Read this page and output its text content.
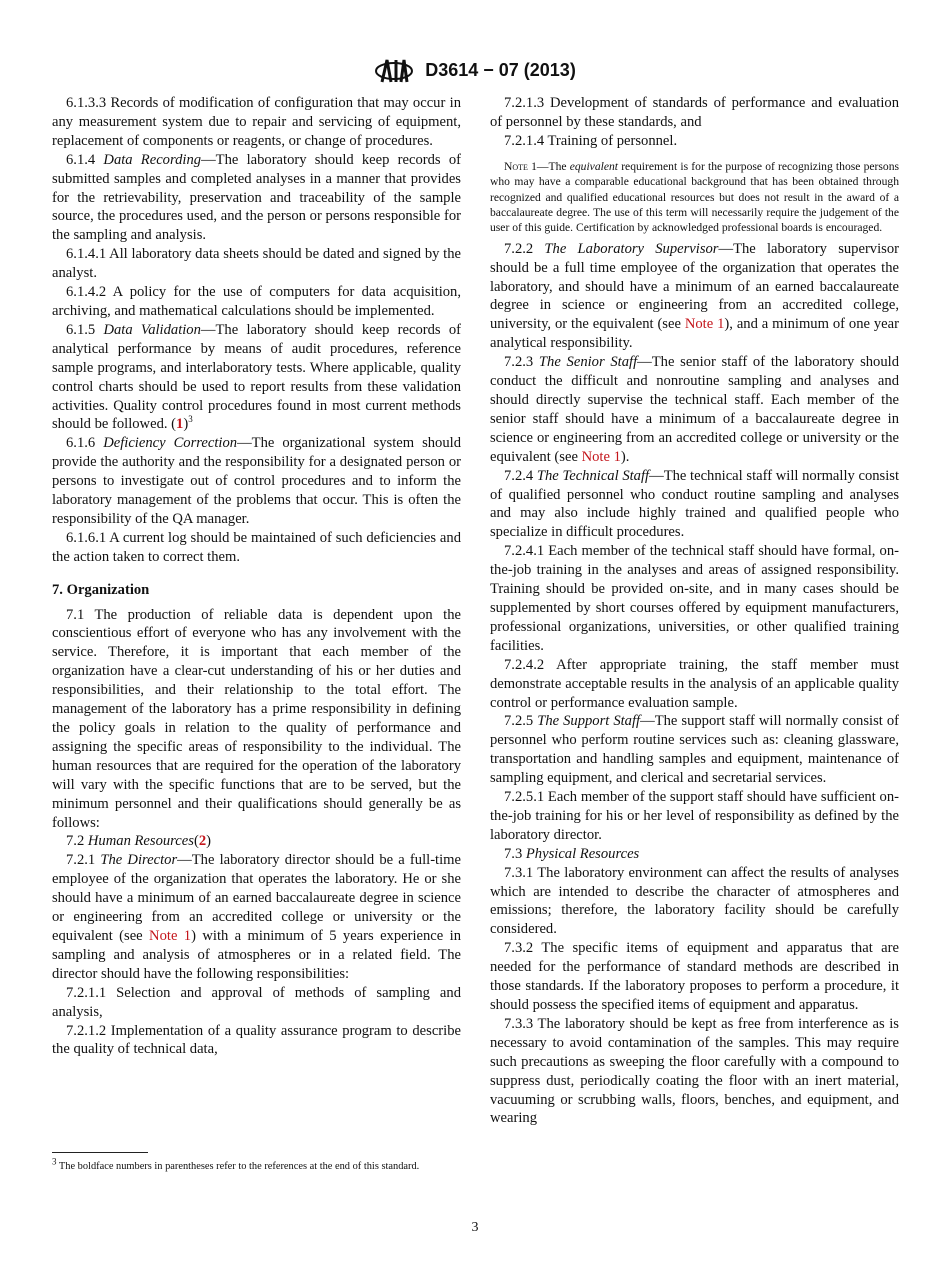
D3614 − 07 (2013)

6.1.3.3 Records of modification of configuration that may occur in any measurement system due to repair and servicing of equipment, replacement of components or reagents, or change of procedures.

6.1.4 Data Recording—The laboratory should keep records of submitted samples and completed analyses in a manner that provides for the retrievability, preservation and traceability of the sample source, the procedures used, and the person or persons responsible for the sampling and analysis.

6.1.4.1 All laboratory data sheets should be dated and signed by the analyst.

6.1.4.2 A policy for the use of computers for data acquisition, archiving, and mathematical calculations should be implemented.

6.1.5 Data Validation—The laboratory should keep records of analytical performance by means of audit procedures, reference sample programs, and interlaboratory tests. Where applicable, quality control charts should be used to report results from these validation activities. Quality control procedures found in most current methods should be followed. $(1)^3$

6.1.6 Deficiency Correction—The organizational system should provide the authority and the responsibility for a designated person or persons to investigate out of control procedures and to inform the laboratory management of the problems that occur. This is often the responsibility of the QA manager.

6.1.6.1 A current log should be maintained of such deficiencies and the action taken to correct them.

7. Organization

7.1 The production of reliable data is dependent upon the conscientious effort of everyone who has any involvement with the service. Therefore, it is important that each member of the organization have a clear-cut understanding of his or her duties and responsibilities, and their relationship to the total effort. The management of the laboratory has a prime responsibility in defining the policy goals in relation to the quality of performance and assigning the specific areas of responsibility to the individual. The human resources that are required for the operation of the laboratory will vary with the specific functions that are to be served, but the minimum personnel and their qualifications should generally be as follows:

7.2 Human Resources(2)

7.2.1 The Director—The laboratory director should be a full-time employee of the organization that operates the laboratory. He or she should have a minimum of an earned baccalaureate degree in science or engineering from an accredited college or university or the equivalent (see Note 1) with a minimum of 5 years experience in sampling and analysis of atmospheres or in a related field. The director should have the following responsibilities:

7.2.1.1 Selection and approval of methods of sampling and analysis,

7.2.1.2 Implementation of a quality assurance program to describe the quality of technical data,

7.2.1.3 Development of standards of performance and evaluation of personnel by these standards, and

7.2.1.4 Training of personnel.

Note 1—The equivalent requirement is for the purpose of recognizing those persons who may have a comparable educational background that has been obtained through recognized and qualified educational resources but does not result in the award of a baccalaureate degree. The use of this term will necessarily require the judgement of the user of this guide. Certification by acknowledged professional boards is encouraged.

7.2.2 The Laboratory Supervisor—The laboratory supervisor should be a full time employee of the organization that operates the laboratory, and should have a minimum of an earned baccalaureate degree in science or engineering from an accredited college, university, or the equivalent (see Note 1), and a minimum of one year analytical responsibility.

7.2.3 The Senior Staff—The senior staff of the laboratory should conduct the difficult and nonroutine sampling and analyses and should directly supervise the technical staff. Each member of the senior staff should have a minimum of a baccalaureate degree in science or engineering from an accredited college or university or the equivalent (see Note 1).

7.2.4 The Technical Staff—The technical staff will normally consist of qualified personnel who conduct routine sampling and analyses and may also include highly trained and qualified people who specialize in difficult procedures.

7.2.4.1 Each member of the technical staff should have formal, on-the-job training in the analyses and areas of assigned responsibility. Training should be provided on-site, and in many cases should be supplemented by short courses offered by equipment manufacturers, professional organizations, universities, or other qualified training facilities.

7.2.4.2 After appropriate training, the staff member must demonstrate acceptable results in the analysis of an applicable quality control or performance evaluation sample.

7.2.5 The Support Staff—The support staff will normally consist of personnel who perform routine services such as: cleaning glassware, transportation and handling samples and equipment, maintenance of sampling equipment, and clerical and secretarial services.

7.2.5.1 Each member of the support staff should have sufficient on-the-job training for his or her level of responsibility as defined by the laboratory director.

7.3 Physical Resources

7.3.1 The laboratory environment can affect the results of analyses which are intended to describe the character of atmospheres and emissions; therefore, the laboratory facility should be carefully considered.

7.3.2 The specific items of equipment and apparatus that are needed for the performance of standard methods are described in those standards. If the laboratory proposes to perform a procedure, it should possess the specified items of equipment and apparatus.

7.3.3 The laboratory should be kept as free from interference as is necessary to avoid contamination of the samples. This may require such precautions as sweeping the floor carefully with a compound to suppress dust, periodically coating the floor with an inert material, vacuuming or scrubbing walls, floors, benches, and equipment, and wearing

3 The boldface numbers in parentheses refer to the references at the end of this standard.
3
